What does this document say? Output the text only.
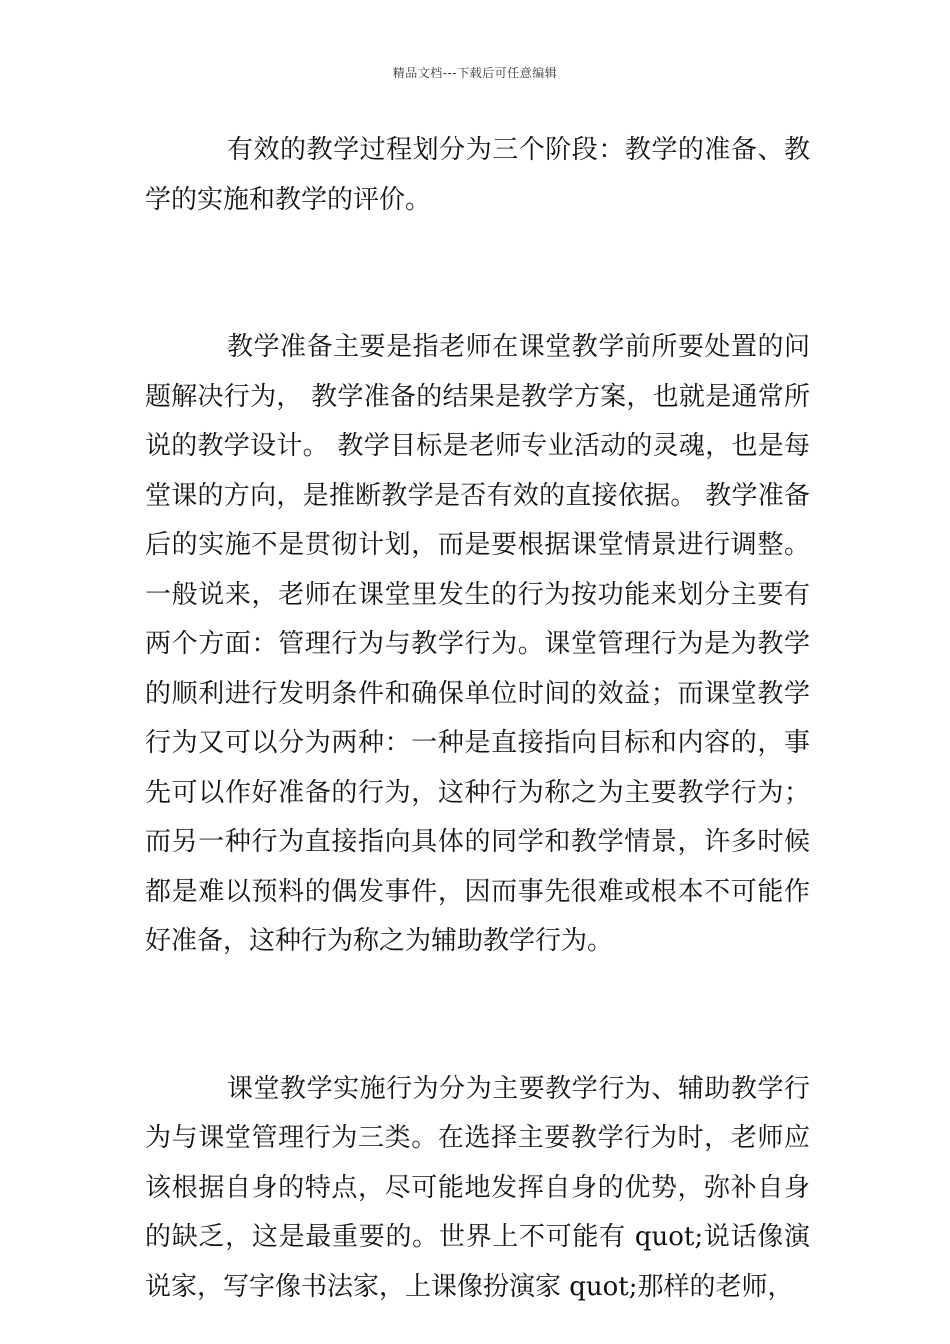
精品文档---下载后可任意编辑

有效的教学过程划分为三个阶段：教学的准备、教学的实施和教学的评价。

教学准备主要是指老师在课堂教学前所要处置的问题解决行为， 教学准备的结果是教学方案，也就是通常所说的教学设计。 教学目标是老师专业活动的灵魂，也是每堂课的方向，是推断教学是否有效的直接依据。 教学准备后的实施不是贯彻计划，而是要根据课堂情景进行调整。一般说来，老师在课堂里发生的行为按功能来划分主要有两个方面：管理行为与教学行为。课堂管理行为是为教学的顺利进行发明条件和确保单位时间的效益；而课堂教学行为又可以分为两种：一种是直接指向目标和内容的，事先可以作好准备的行为，这种行为称之为主要教学行为；而另一种行为直接指向具体的同学和教学情景，许多时候都是难以预料的偶发事件，因而事先很难或根本不可能作好准备，这种行为称之为辅助教学行为。

课堂教学实施行为分为主要教学行为、辅助教学行为与课堂管理行为三类。在选择主要教学行为时，老师应该根据自身的特点，尽可能地发挥自身的优势，弥补自身的缺乏，这是最重要的。世界上不可能有 quot;说话像演说家，写字像书法家，上课像扮演家 quot;那样的老师，
